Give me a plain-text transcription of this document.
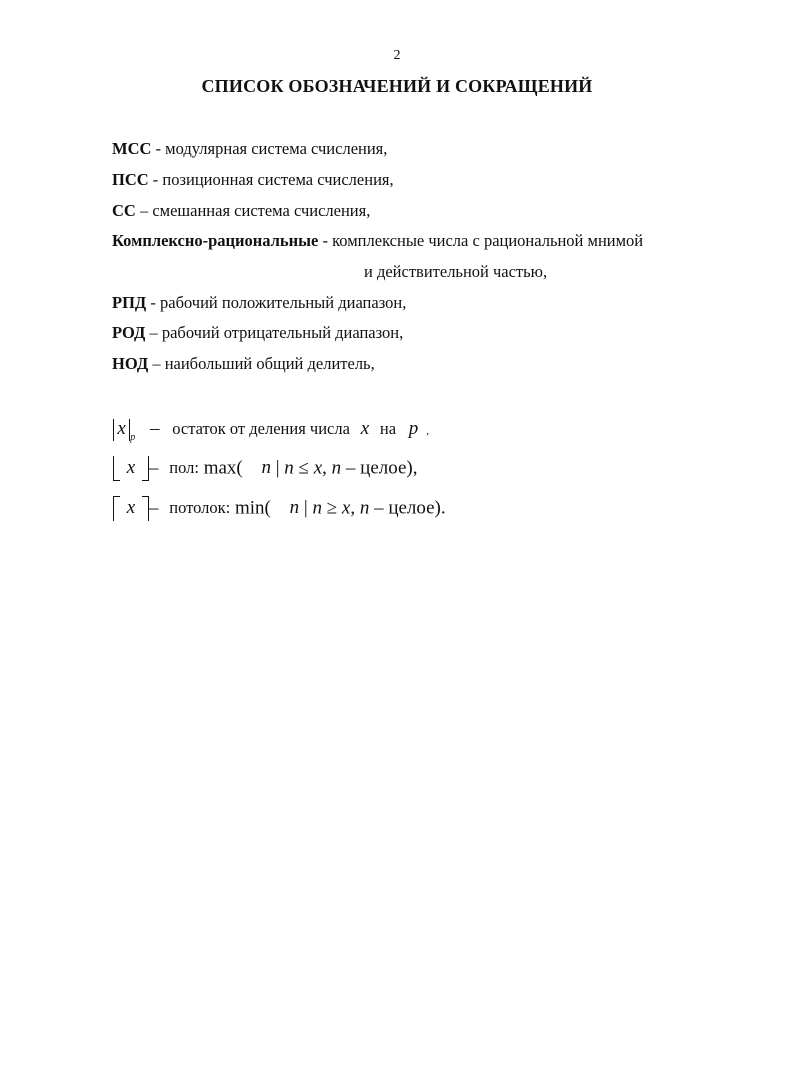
2
СПИСОК ОБОЗНАЧЕНИЙ И СОКРАЩЕНИЙ
МСС - модулярная система счисления,
ПСС - позиционная система счисления,
СС – смешанная система счисления,
Комплексно-рациональные - комплексные числа с рациональной мнимой
и действительной частью,
РПД - рабочий положительный диапазон,
РОД – рабочий отрицательный диапазон,
НОД – наибольший общий делитель,
x $_p$ – остаток от деления числа x на p ,
x – пол: max( n | n ≤ x, n – целое),
x – потолок: min( n | n ≥ x, n – целое).
